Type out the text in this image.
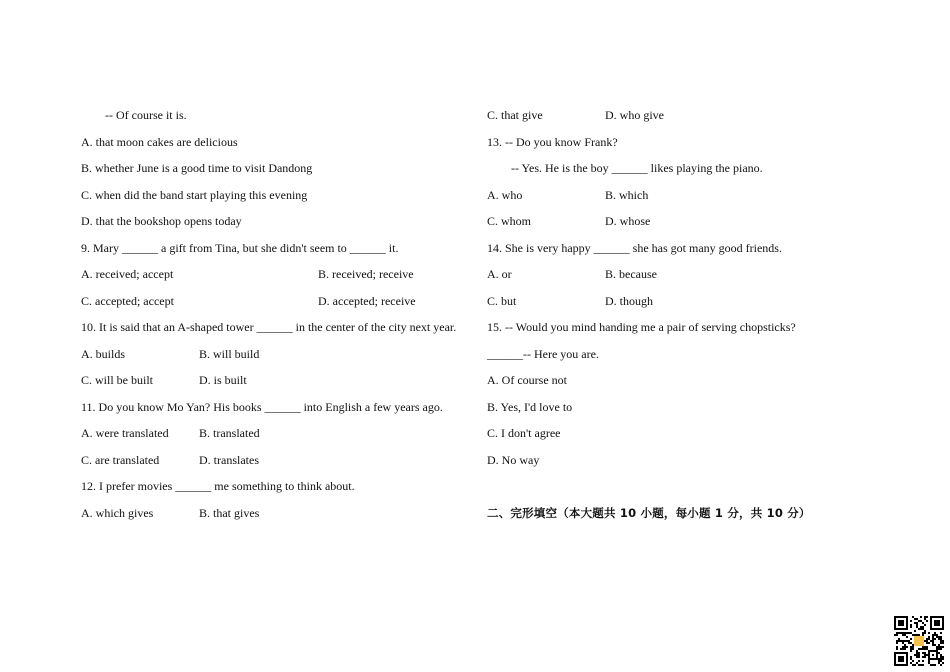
-- Of course it is.
A. that moon cakes are delicious
B. whether June is a good time to visit Dandong
C. when did the band start playing this evening
D. that the bookshop opens today
9. Mary ______ a gift from Tina, but she didn't seem to ______ it.
A. received; accept	B. received; receive
C. accepted; accept	D. accepted; receive
10. It is said that an A-shaped tower ______ in the center of the city next year.
A. builds	B. will build
C. will be built	D. is built
11. Do you know Mo Yan? His books ______ into English a few years ago.
A. were translated	B. translated
C. are translated	D. translates
12. I prefer movies ______ me something to think about.
A. which gives	B. that gives
C. that give	D. who give
13. -- Do you know Frank?
-- Yes. He is the boy ______ likes playing the piano.
A. who	B. which
C. whom	D. whose
14. She is very happy ______ she has got many good friends.
A. or	B. because
C. but	D. though
15. -- Would you mind handing me a pair of serving chopsticks?
______-- Here you are.
A. Of course not
B. Yes, I'd love to
C. I don't agree
D. No way
二、完形填空（本大题共 10 小题，每小题 1 分，共 10 分）
